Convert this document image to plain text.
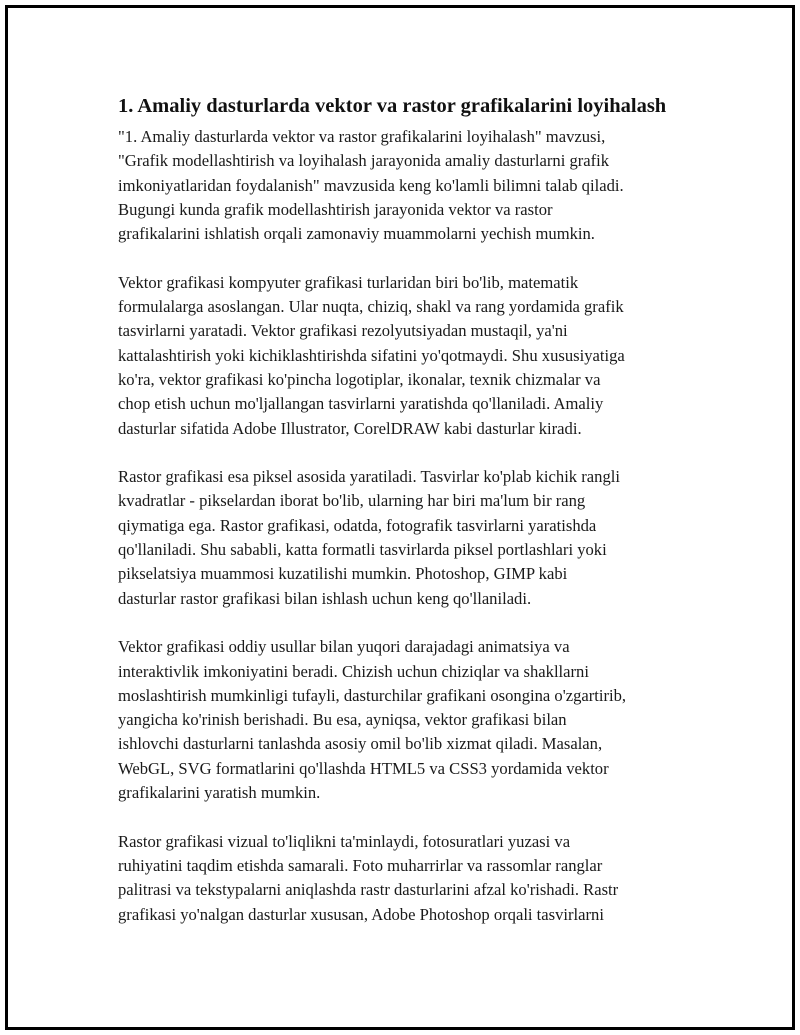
1. Amaliy dasturlarda vektor va rastor grafikalarini loyihalash

"1. Amaliy dasturlarda vektor va rastor grafikalarini loyihalash" mavzusi,
"Grafik modellashtirish va loyihalash jarayonida amaliy dasturlarni grafik
imkoniyatlaridan foydalanish" mavzusida keng ko'lamli bilimni talab qiladi.
Bugungi kunda grafik modellashtirish jarayonida vektor va rastor
grafikalarini ishlatish orqali zamonaviy muammolarni yechish mumkin.

Vektor grafikasi kompyuter grafikasi turlaridan biri bo'lib, matematik
formulalarga asoslangan. Ular nuqta, chiziq, shakl va rang yordamida grafik
tasvirlarni yaratadi. Vektor grafikasi rezolyutsiyadan mustaqil, ya'ni
kattalashtirish yoki kichiklashtirishda sifatini yo'qotmaydi. Shu xususiyatiga
ko'ra, vektor grafikasi ko'pincha logotiplar, ikonalar, texnik chizmalar va
chop etish uchun mo'ljallangan tasvirlarni yaratishda qo'llaniladi. Amaliy
dasturlar sifatida Adobe Illustrator, CorelDRAW kabi dasturlar kiradi.

Rastor grafikasi esa piksel asosida yaratiladi. Tasvirlar ko'plab kichik rangli
kvadratlar - pikselardan iborat bo'lib, ularning har biri ma'lum bir rang
qiymatiga ega. Rastor grafikasi, odatda, fotografik tasvirlarni yaratishda
qo'llaniladi. Shu sababli, katta formatli tasvirlarda piksel portlashlari yoki
pikselatsiya muammosi kuzatilishi mumkin. Photoshop, GIMP kabi
dasturlar rastor grafikasi bilan ishlash uchun keng qo'llaniladi.

Vektor grafikasi oddiy usullar bilan yuqori darajadagi animatsiya va
interaktivlik imkoniyatini beradi. Chizish uchun chiziqlar va shakllarni
moslashtirish mumkinligi tufayli, dasturchilar grafikani osongina o'zgartirib,
yangicha ko'rinish berishadi. Bu esa, ayniqsa, vektor grafikasi bilan
ishlovchi dasturlarni tanlashda asosiy omil bo'lib xizmat qiladi. Masalan,
WebGL, SVG formatlarini qo'llashda HTML5 va CSS3 yordamida vektor
grafikalarini yaratish mumkin.

Rastor grafikasi vizual to'liqlikni ta'minlaydi, fotosuratlari yuzasi va
ruhiyatini taqdim etishda samarali. Foto muharrirlar va rassomlar ranglar
palitrasi va tekstypalarni aniqlashda rastr dasturlarini afzal ko'rishadi. Rastr
grafikasi yo'nalgan dasturlar xususan, Adobe Photoshop orqali tasvirlarni
